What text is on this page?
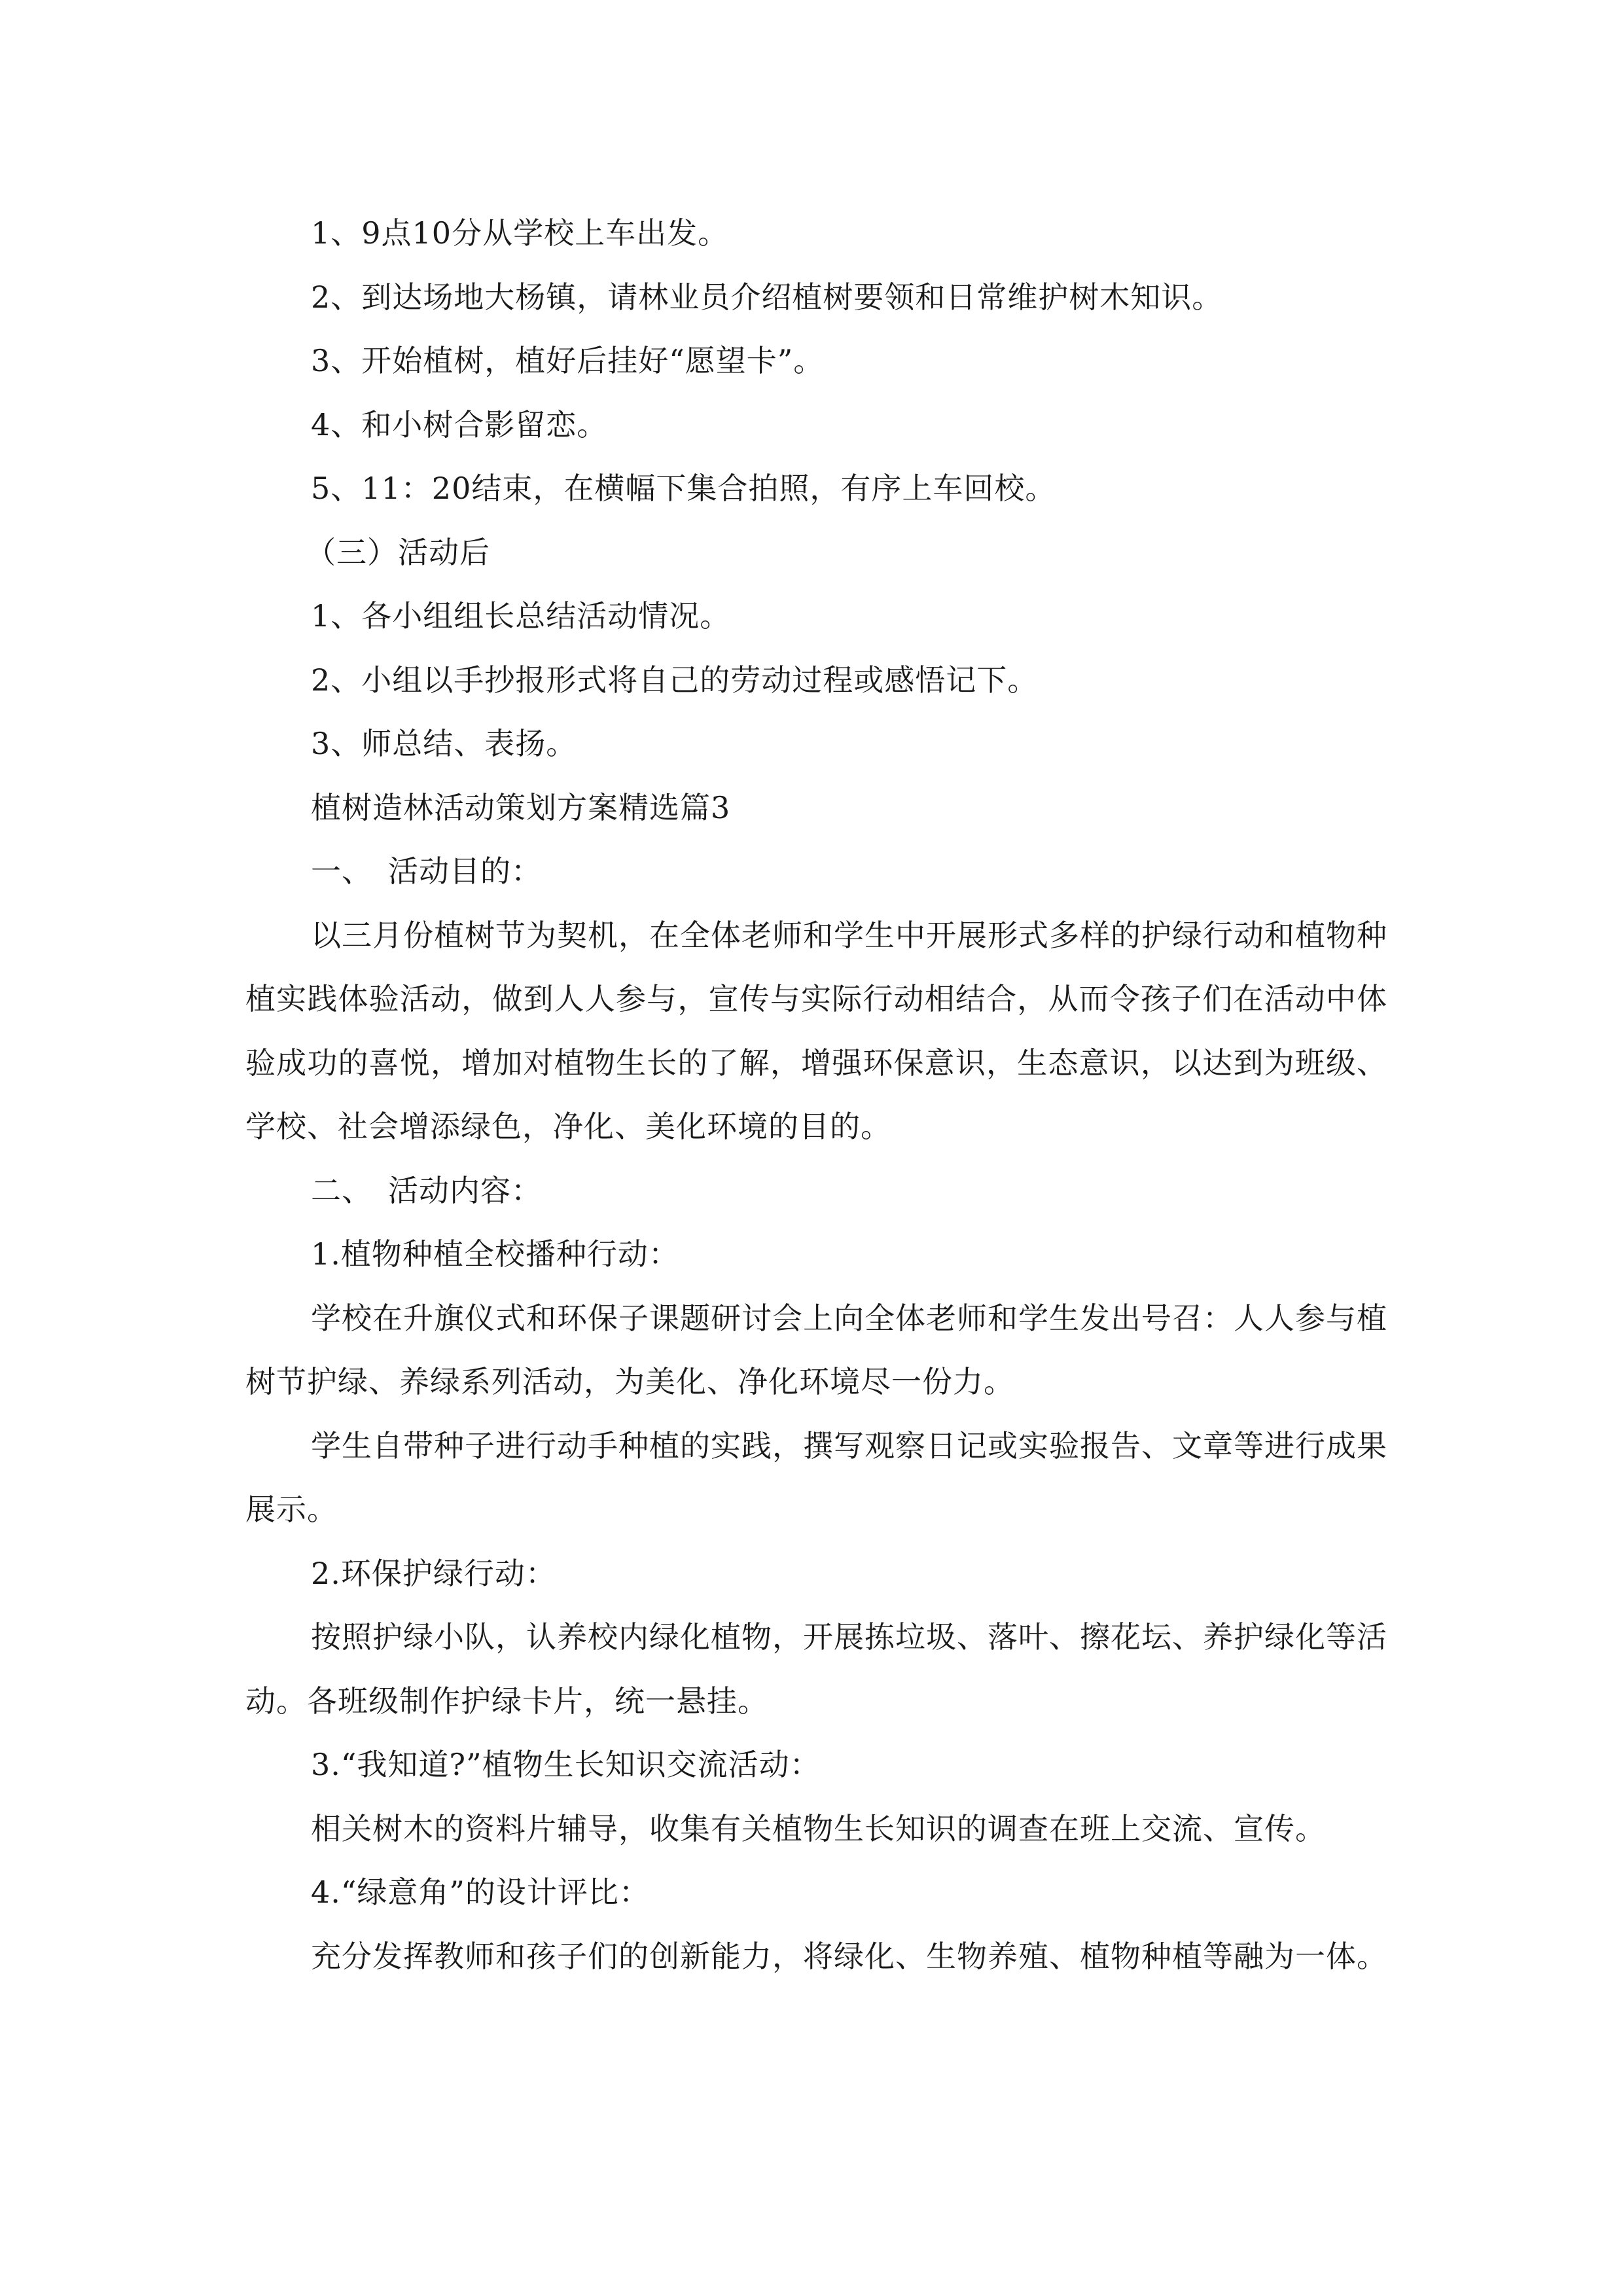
1、9点10分从学校上车出发。

2、到达场地大杨镇，请林业员介绍植树要领和日常维护树木知识。

3、开始植树，植好后挂好“愿望卡”。

4、和小树合影留恋。

5、11：20结束，在横幅下集合拍照，有序上车回校。

（三）活动后

1、各小组组长总结活动情况。

2、小组以手抄报形式将自己的劳动过程或感悟记下。

3、师总结、表扬。

植树造林活动策划方案精选篇3

一、　活动目的：

以三月份植树节为契机，在全体老师和学生中开展形式多样的护绿行动和植物种植实践体验活动，做到人人参与，宣传与实际行动相结合，从而令孩子们在活动中体验成功的喜悦，增加对植物生长的了解，增强环保意识，生态意识，以达到为班级、学校、社会增添绿色，净化、美化环境的目的。

二、　活动内容：

1.植物种植全校播种行动：

学校在升旗仪式和环保子课题研讨会上向全体老师和学生发出号召：人人参与植树节护绿、养绿系列活动，为美化、净化环境尽一份力。

学生自带种子进行动手种植的实践，撰写观察日记或实验报告、文章等进行成果展示。

2.环保护绿行动：

按照护绿小队，认养校内绿化植物，开展拣垃圾、落叶、擦花坛、养护绿化等活动。各班级制作护绿卡片，统一悬挂。

3.“我知道?”植物生长知识交流活动：

相关树木的资料片辅导，收集有关植物生长知识的调查在班上交流、宣传。

4.“绿意角”的设计评比：

充分发挥教师和孩子们的创新能力，将绿化、生物养殖、植物种植等融为一体。
